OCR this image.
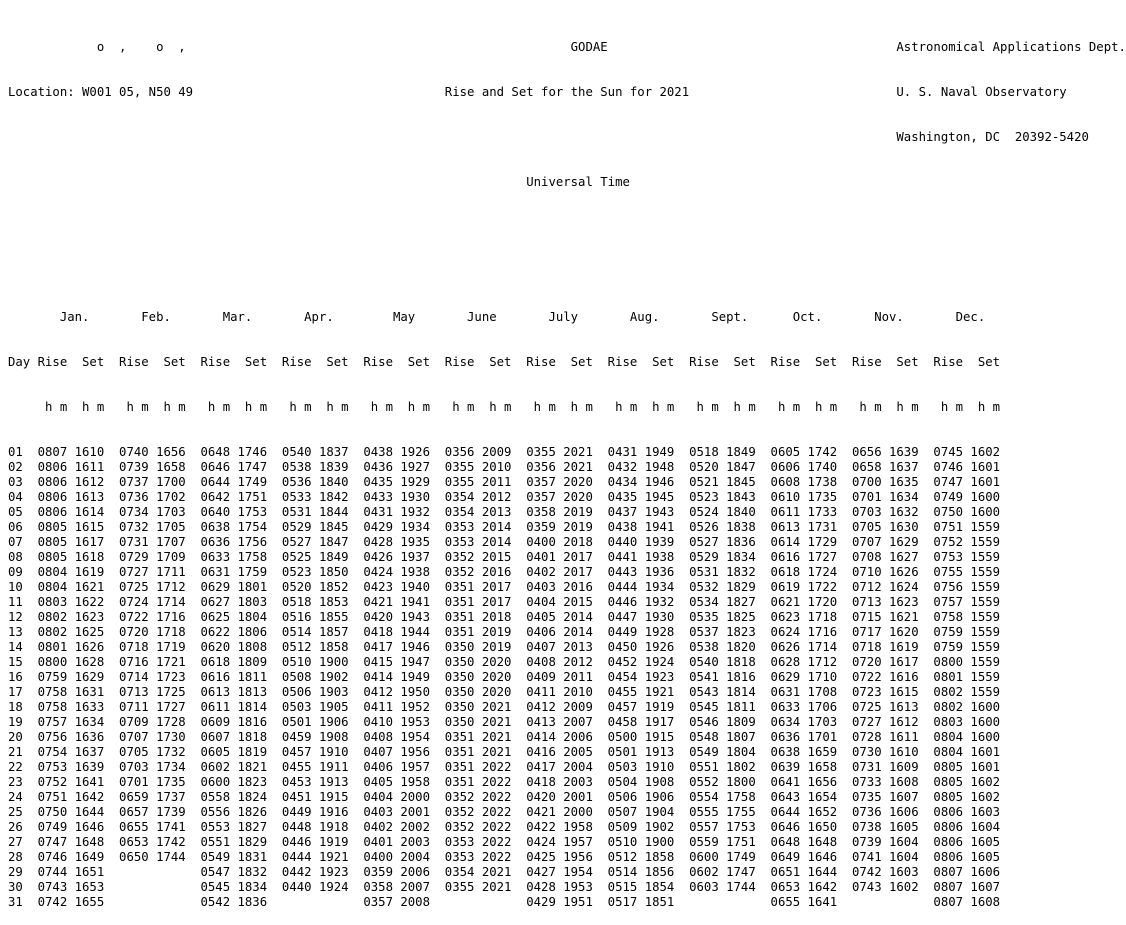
o  ,    o  ,                                                    GODAE                                       Astronomical Applications Dept.

Location: W001 05, N50 49                                  Rise and Set for the Sun for 2021                            U. S. Naval Observatory

Washington, DC  20392-5420

Universal Time

Jan.       Feb.       Mar.       Apr.        May       June       July       Aug.       Sept.      Oct.       Nov.       Dec.

Day Rise  Set  Rise  Set  Rise  Set  Rise  Set  Rise  Set  Rise  Set  Rise  Set  Rise  Set  Rise  Set  Rise  Set  Rise  Set  Rise  Set

h m  h m   h m  h m   h m  h m   h m  h m   h m  h m   h m  h m   h m  h m   h m  h m   h m  h m   h m  h m   h m  h m   h m  h m

01  0807 1610  0740 1656  0648 1746  0540 1837  0438 1926  0356 2009  0355 2021  0431 1949  0518 1849  0605 1742  0656 1639  0745 1602
02  0806 1611  0739 1658  0646 1747  0538 1839  0436 1927  0355 2010  0356 2021  0432 1948  0520 1847  0606 1740  0658 1637  0746 1601
03  0806 1612  0737 1700  0644 1749  0536 1840  0435 1929  0355 2011  0357 2020  0434 1946  0521 1845  0608 1738  0700 1635  0747 1601
04  0806 1613  0736 1702  0642 1751  0533 1842  0433 1930  0354 2012  0357 2020  0435 1945  0523 1843  0610 1735  0701 1634  0749 1600
05  0806 1614  0734 1703  0640 1753  0531 1844  0431 1932  0354 2013  0358 2019  0437 1943  0524 1840  0611 1733  0703 1632  0750 1600
06  0805 1615  0732 1705  0638 1754  0529 1845  0429 1934  0353 2014  0359 2019  0438 1941  0526 1838  0613 1731  0705 1630  0751 1559
07  0805 1617  0731 1707  0636 1756  0527 1847  0428 1935  0353 2014  0400 2018  0440 1939  0527 1836  0614 1729  0707 1629  0752 1559
08  0805 1618  0729 1709  0633 1758  0525 1849  0426 1937  0352 2015  0401 2017  0441 1938  0529 1834  0616 1727  0708 1627  0753 1559
09  0804 1619  0727 1711  0631 1759  0523 1850  0424 1938  0352 2016  0402 2017  0443 1936  0531 1832  0618 1724  0710 1626  0755 1559
10  0804 1621  0725 1712  0629 1801  0520 1852  0423 1940  0351 2017  0403 2016  0444 1934  0532 1829  0619 1722  0712 1624  0756 1559
11  0803 1622  0724 1714  0627 1803  0518 1853  0421 1941  0351 2017  0404 2015  0446 1932  0534 1827  0621 1720  0713 1623  0757 1559
12  0802 1623  0722 1716  0625 1804  0516 1855  0420 1943  0351 2018  0405 2014  0447 1930  0535 1825  0623 1718  0715 1621  0758 1559
13  0802 1625  0720 1718  0622 1806  0514 1857  0418 1944  0351 2019  0406 2014  0449 1928  0537 1823  0624 1716  0717 1620  0759 1559
14  0801 1626  0718 1719  0620 1808  0512 1858  0417 1946  0350 2019  0407 2013  0450 1926  0538 1820  0626 1714  0718 1619  0759 1559
15  0800 1628  0716 1721  0618 1809  0510 1900  0415 1947  0350 2020  0408 2012  0452 1924  0540 1818  0628 1712  0720 1617  0800 1559
16  0759 1629  0714 1723  0616 1811  0508 1902  0414 1949  0350 2020  0409 2011  0454 1923  0541 1816  0629 1710  0722 1616  0801 1559
17  0758 1631  0713 1725  0613 1813  0506 1903  0412 1950  0350 2020  0411 2010  0455 1921  0543 1814  0631 1708  0723 1615  0802 1559
18  0758 1633  0711 1727  0611 1814  0503 1905  0411 1952  0350 2021  0412 2009  0457 1919  0545 1811  0633 1706  0725 1613  0802 1600
19  0757 1634  0709 1728  0609 1816  0501 1906  0410 1953  0350 2021  0413 2007  0458 1917  0546 1809  0634 1703  0727 1612  0803 1600
20  0756 1636  0707 1730  0607 1818  0459 1908  0408 1954  0351 2021  0414 2006  0500 1915  0548 1807  0636 1701  0728 1611  0804 1600
21  0754 1637  0705 1732  0605 1819  0457 1910  0407 1956  0351 2021  0416 2005  0501 1913  0549 1804  0638 1659  0730 1610  0804 1601
22  0753 1639  0703 1734  0602 1821  0455 1911  0406 1957  0351 2022  0417 2004  0503 1910  0551 1802  0639 1658  0731 1609  0805 1601
23  0752 1641  0701 1735  0600 1823  0453 1913  0405 1958  0351 2022  0418 2003  0504 1908  0552 1800  0641 1656  0733 1608  0805 1602
24  0751 1642  0659 1737  0558 1824  0451 1915  0404 2000  0352 2022  0420 2001  0506 1906  0554 1758  0643 1654  0735 1607  0805 1602
25  0750 1644  0657 1739  0556 1826  0449 1916  0403 2001  0352 2022  0421 2000  0507 1904  0555 1755  0644 1652  0736 1606  0806 1603
26  0749 1646  0655 1741  0553 1827  0448 1918  0402 2002  0352 2022  0422 1958  0509 1902  0557 1753  0646 1650  0738 1605  0806 1604
27  0747 1648  0653 1742  0551 1829  0446 1919  0401 2003  0353 2022  0424 1957  0510 1900  0559 1751  0648 1648  0739 1604  0806 1605
28  0746 1649  0650 1744  0549 1831  0444 1921  0400 2004  0353 2022  0425 1956  0512 1858  0600 1749  0649 1646  0741 1604  0806 1605
29  0744 1651             0547 1832  0442 1923  0359 2006  0354 2021  0427 1954  0514 1856  0602 1747  0651 1644  0742 1603  0807 1606
30  0743 1653             0545 1834  0440 1924  0358 2007  0355 2021  0428 1953  0515 1854  0603 1744  0653 1642  0743 1602  0807 1607
31  0742 1655             0542 1836             0357 2008             0429 1951  0517 1851             0655 1641             0807 1608
